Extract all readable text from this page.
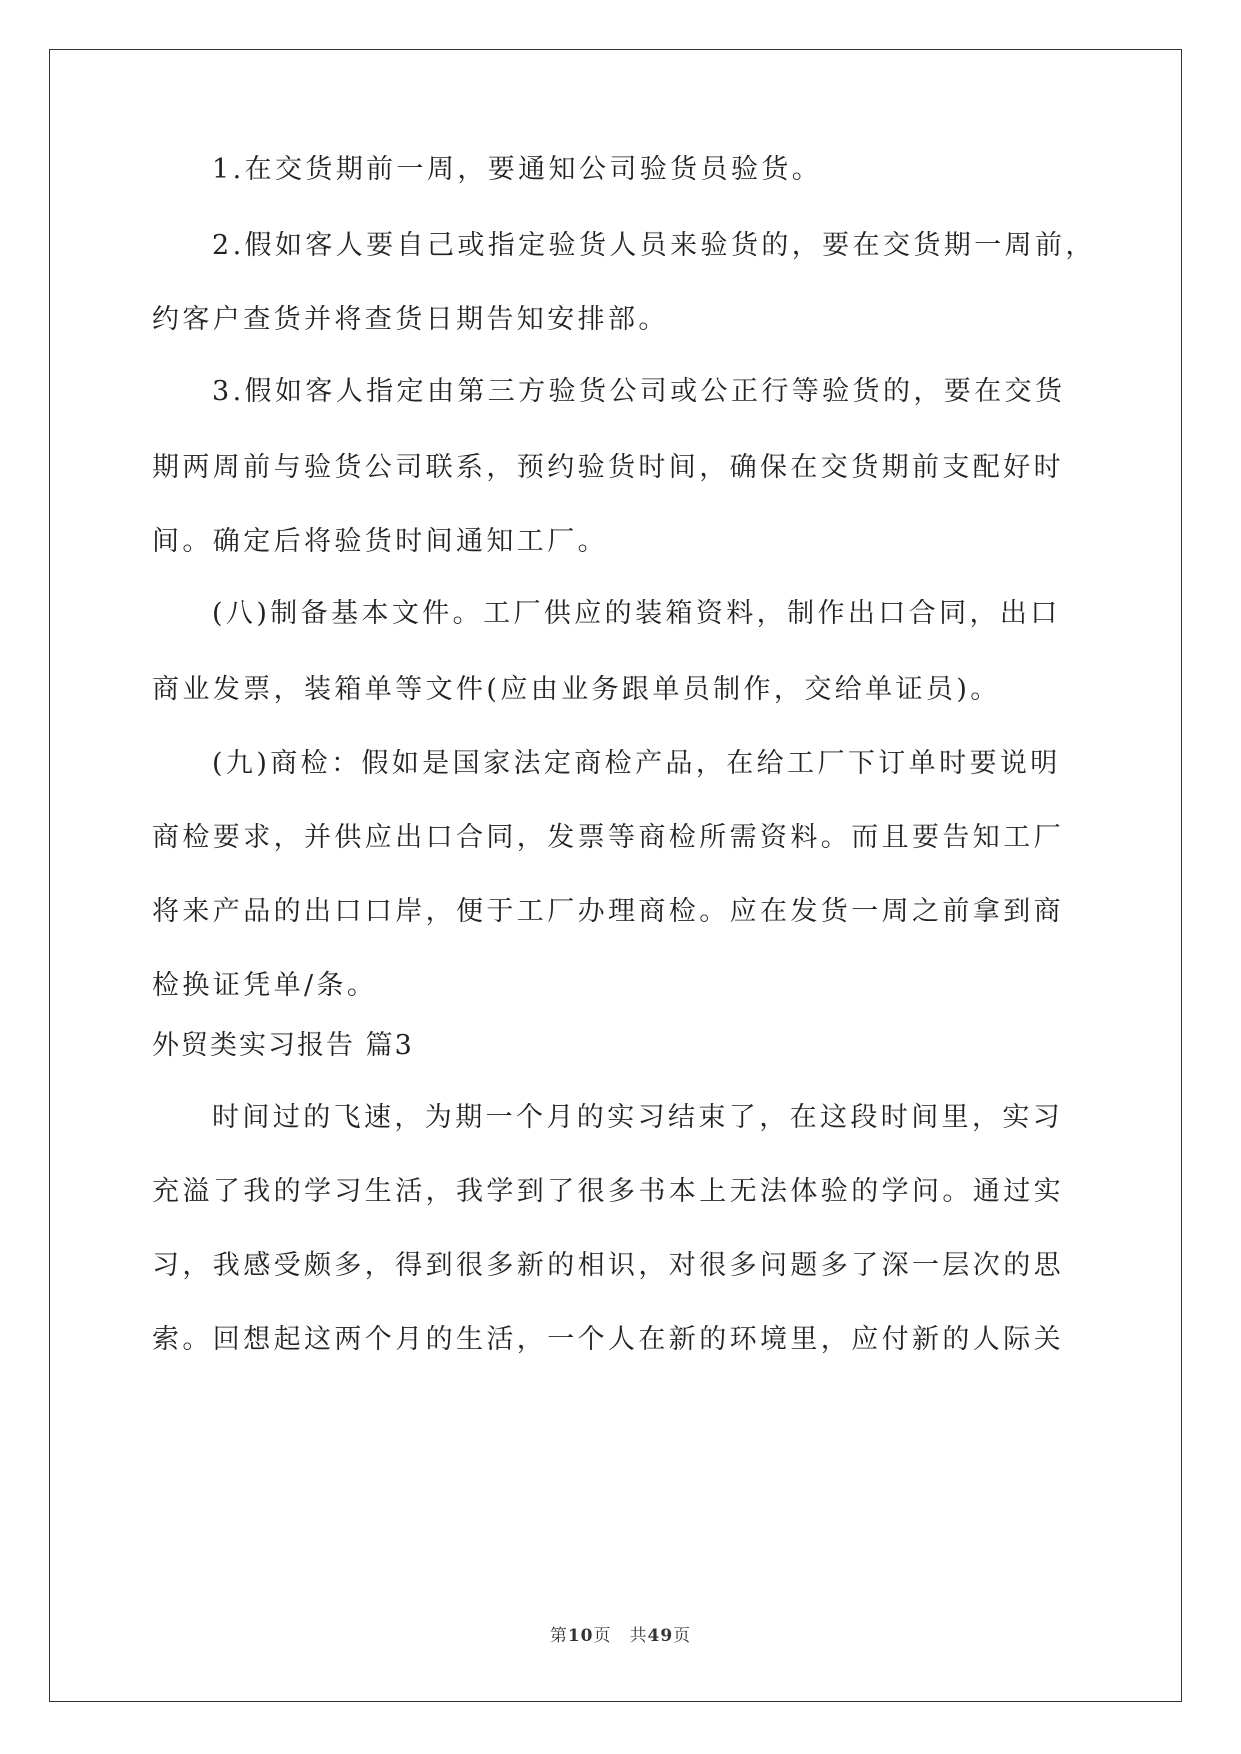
1.在交货期前一周，要通知公司验货员验货。
2.假如客人要自己或指定验货人员来验货的，要在交货期一周前，
约客户查货并将查货日期告知安排部。
3.假如客人指定由第三方验货公司或公正行等验货的，要在交货
期两周前与验货公司联系，预约验货时间，确保在交货期前支配好时
间。确定后将验货时间通知工厂。
(八)制备基本文件。工厂供应的装箱资料，制作出口合同，出口
商业发票，装箱单等文件(应由业务跟单员制作，交给单证员)。
(九)商检：假如是国家法定商检产品，在给工厂下订单时要说明
商检要求，并供应出口合同，发票等商检所需资料。而且要告知工厂
将来产品的出口口岸，便于工厂办理商检。应在发货一周之前拿到商
检换证凭单/条。
外贸类实习报告 篇3
时间过的飞速，为期一个月的实习结束了，在这段时间里，实习
充溢了我的学习生活，我学到了很多书本上无法体验的学问。通过实
习，我感受颇多，得到很多新的相识，对很多问题多了深一层次的思
索。回想起这两个月的生活，一个人在新的环境里，应付新的人际关
第10页　共49页
